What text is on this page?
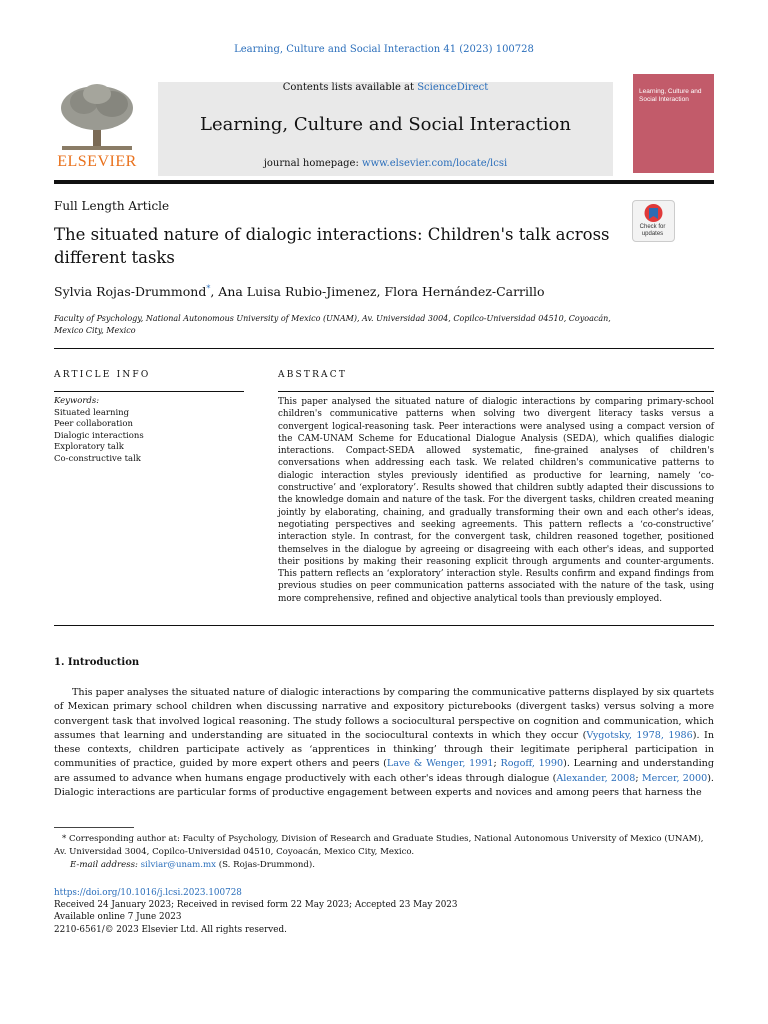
Learning, Culture and Social Interaction 41 (2023) 100728
ELSEVIER
Contents lists available at ScienceDirect
Learning, Culture and Social Interaction
journal homepage: www.elsevier.com/locate/lcsi
Learning, Culture and Social Interaction
Full Length Article
The situated nature of dialogic interactions: Children's talk across different tasks
Check for updates
Sylvia Rojas-Drummond*, Ana Luisa Rubio-Jimenez, Flora Hernández-Carrillo
Faculty of Psychology, National Autonomous University of Mexico (UNAM), Av. Universidad 3004, Copilco-Universidad 04510, Coyoacán, Mexico City, Mexico
ARTICLE INFO
Keywords:
Situated learning
Peer collaboration
Dialogic interactions
Exploratory talk
Co-constructive talk
ABSTRACT
This paper analysed the situated nature of dialogic interactions by comparing primary-school children's communicative patterns when solving two divergent literacy tasks versus a convergent logical-reasoning task. Peer interactions were analysed using a compact version of the CAM-UNAM Scheme for Educational Dialogue Analysis (SEDA), which qualifies dialogic interactions. Compact-SEDA allowed systematic, fine-grained analyses of children's conversations when addressing each task. We related children's communicative patterns to dialogic interaction styles previously identified as productive for learning, namely ‘co-constructive’ and ‘exploratory’. Results showed that children subtly adapted their discussions to the knowledge domain and nature of the task. For the divergent tasks, children created meaning jointly by elaborating, chaining, and gradually transforming their own and each other's ideas, negotiating perspectives and seeking agreements. This pattern reflects a ‘co-constructive’ interaction style. In contrast, for the convergent task, children reasoned together, positioned themselves in the dialogue by agreeing or disagreeing with each other's ideas, and supported their positions by making their reasoning explicit through arguments and counter-arguments. This pattern reflects an ‘exploratory’ interaction style. Results confirm and expand findings from previous studies on peer communication patterns associated with the nature of the task, using more comprehensive, refined and objective analytical tools than previously employed.
1. Introduction

This paper analyses the situated nature of dialogic interactions by comparing the communicative patterns displayed by six quartets of Mexican primary school children when discussing narrative and expository picturebooks (divergent tasks) versus solving a more convergent task that involved logical reasoning. The study follows a sociocultural perspective on cognition and communication, which assumes that learning and understanding are situated in the sociocultural contexts in which they occur (Vygotsky, 1978, 1986). In these contexts, children participate actively as ‘apprentices in thinking’ through their legitimate peripheral participation in communities of practice, guided by more expert others and peers (Lave & Wenger, 1991; Rogoff, 1990). Learning and understanding are assumed to advance when humans engage productively with each other's ideas through dialogue (Alexander, 2008; Mercer, 2000). Dialogic interactions are particular forms of productive engagement between experts and novices and among peers that harness the

* Corresponding author at: Faculty of Psychology, Division of Research and Graduate Studies, National Autonomous University of Mexico (UNAM), Av. Universidad 3004, Copilco-Universidad 04510, Coyoacán, Mexico City, Mexico.

E-mail address: silviar@unam.mx (S. Rojas-Drummond).

https://doi.org/10.1016/j.lcsi.2023.100728
Received 24 January 2023; Received in revised form 22 May 2023; Accepted 23 May 2023
Available online 7 June 2023
2210-6561/© 2023 Elsevier Ltd. All rights reserved.
